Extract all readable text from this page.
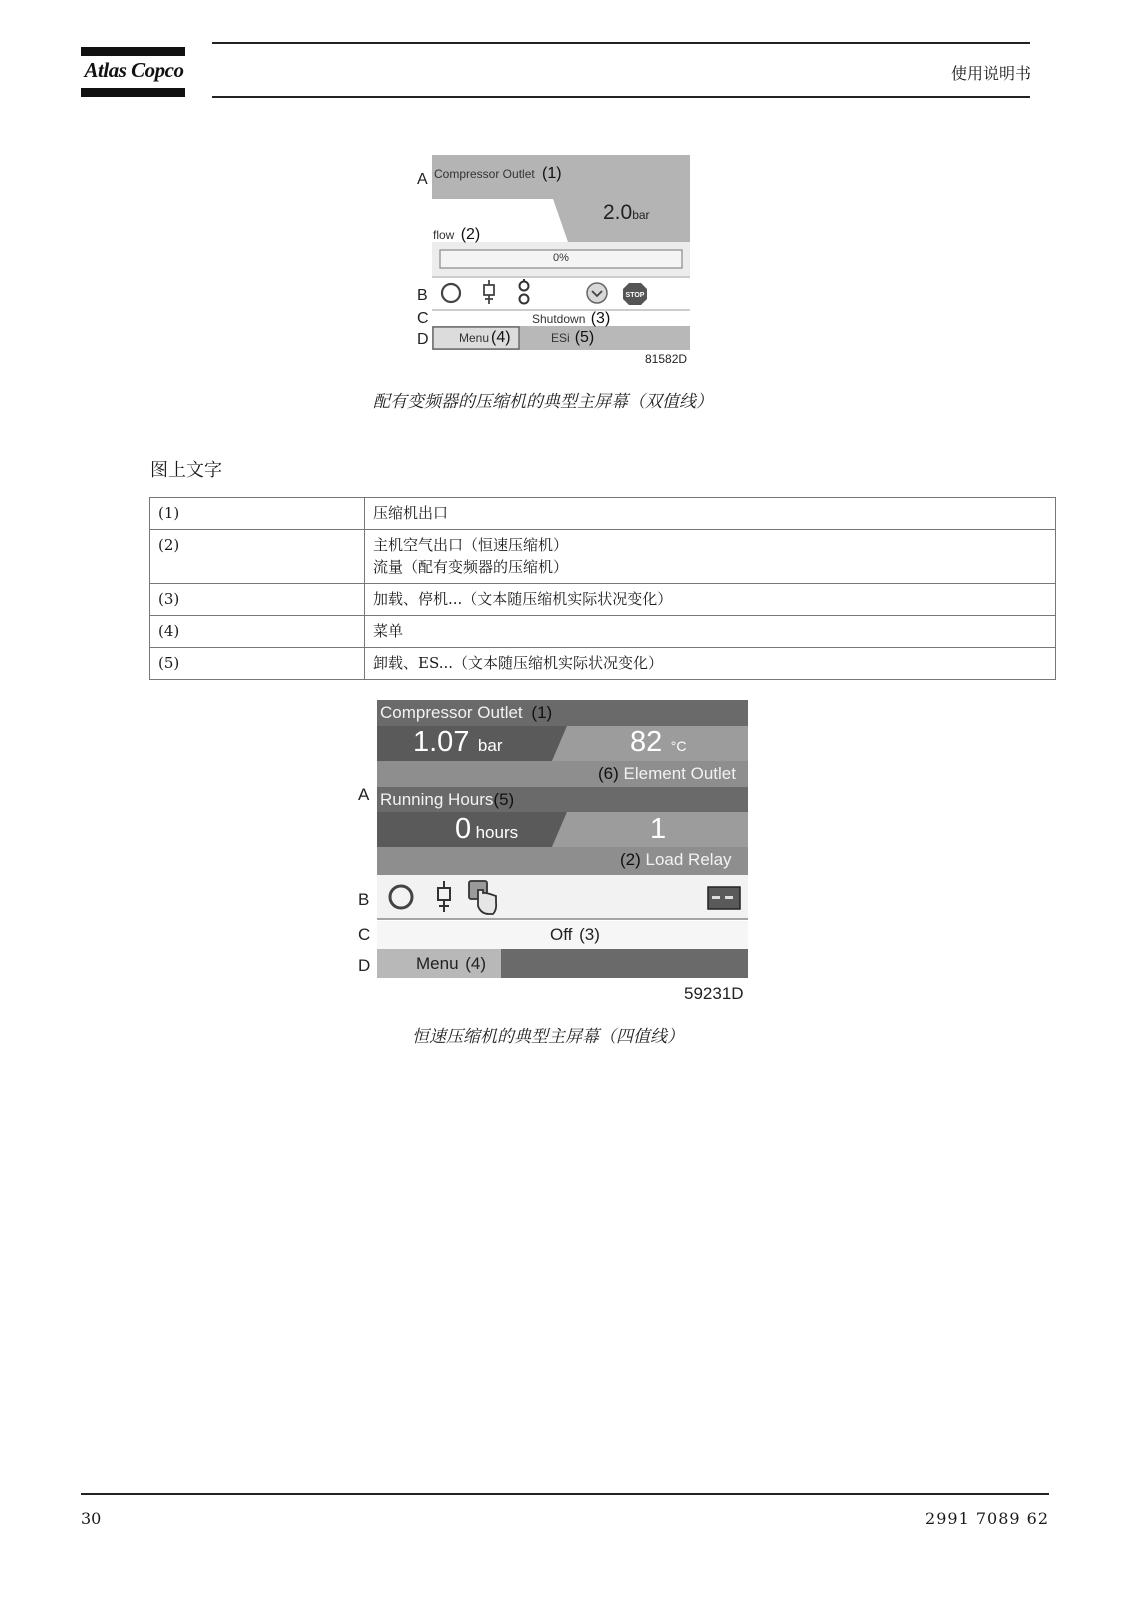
Atlas Copco	使用说明书
STOP
A
B
C
D
Compressor Outlet (1)
2.0bar
flow (2)
0%
Shutdown (3)
Menu (4)	ESi (5)
81582D
配有变频器的压缩机的典型主屏幕（双值线）
图上文字
(1)	压缩机出口

(2)	主机空气出口（恒速压缩机）
流量（配有变频器的压缩机）

(3)	加载、停机...（文本随压缩机实际状况变化）

(4)	菜单

(5)	卸载、ES...（文本随压缩机实际状况变化）
A
B
C
D
Compressor Outlet (1)
1.07 bar	82 °C
(6) Element Outlet
Running Hours(5)
0 hours	1
(2) Load Relay
Off (3)
Menu (4)
59231D
恒速压缩机的典型主屏幕（四值线）
30	2991 7089 62
